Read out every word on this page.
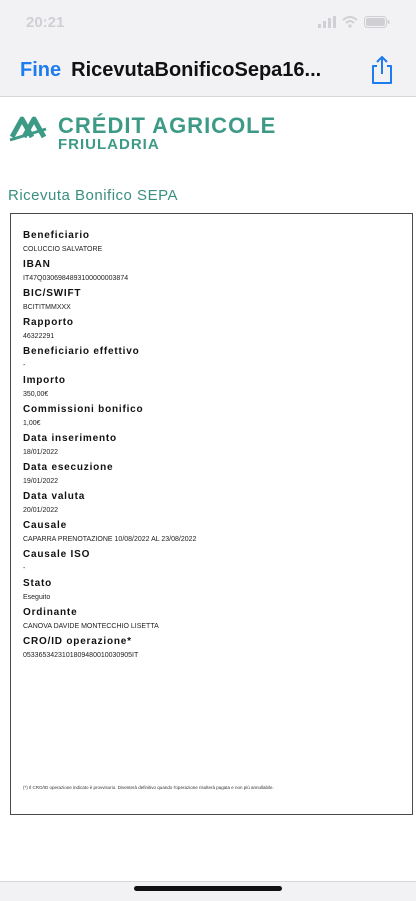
20:21
Fine RicevutaBonificoSepa16...
CRÉDIT AGRICOLE
FRIULADRIA
Ricevuta Bonifico SEPA
Beneficiario
COLUCCIO SALVATORE
IBAN
IT47Q0306984893100000003874
BIC/SWIFT
BCITITMMXXX
Rapporto
46322291
Beneficiario effettivo
-
Importo
350,00€
Commissioni bonifico
1,00€
Data inserimento
18/01/2022
Data esecuzione
19/01/2022
Data valuta
20/01/2022
Causale
CAPARRA PRENOTAZIONE 10/08/2022 AL 23/08/2022
Causale ISO
-
Stato
Eseguito
Ordinante
CANOVA DAVIDE MONTECCHIO LISETTA
CRO/ID operazione*
0533653423101809480010030905IT
(*) Il CRO/ID operazione indicato è provvisorio. Diventerà definitivo quando l'operazione risulterà pagata e non più annullabile.
